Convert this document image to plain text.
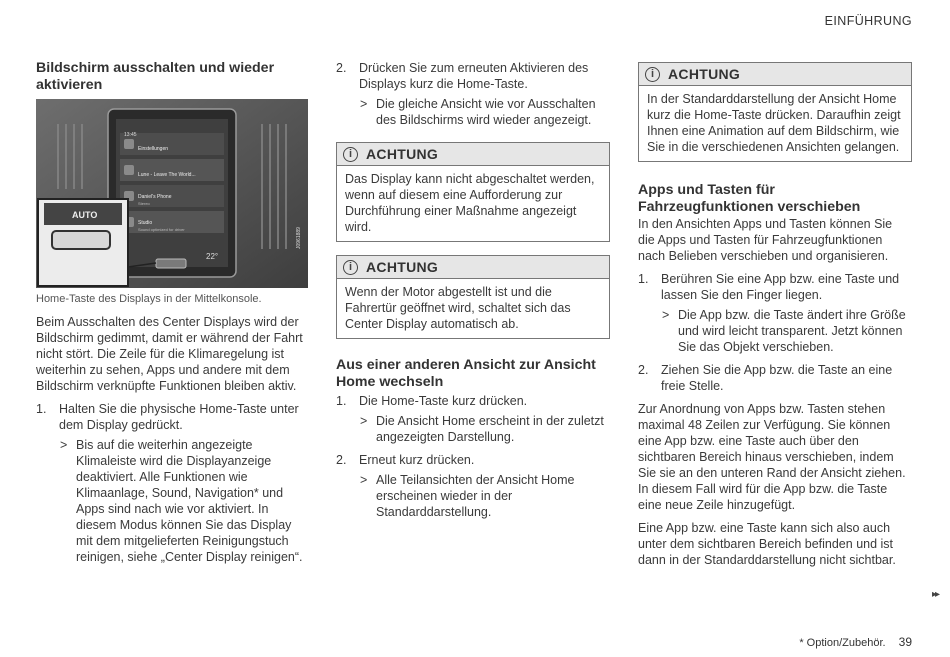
EINFÜHRUNG
Bildschirm ausschalten und wieder aktivieren
13:45
Einstellungen
Lune - Leave The World...
Daniel's Phone
Stereo
Studio
Sound optimized for driver
22°
AUTO
J0961889

Home-Taste des Displays in der Mittelkonsole.

Beim Ausschalten des Center Displays wird der Bildschirm gedimmt, damit er während der Fahrt nicht stört. Die Zeile für die Klimaregelung ist weiterhin zu sehen, Apps und andere mit dem Bildschirm verknüpfte Funktionen bleiben aktiv.

1. Halten Sie die physische Home-Taste unter dem Display gedrückt.
> Bis auf die weiterhin angezeigte Klimaleiste wird die Displayanzeige deaktiviert. Alle Funktionen wie Klimaanlage, Sound, Navigation* und Apps sind nach wie vor aktiviert. In diesem Modus können Sie das Display mit dem mitgelieferten Reinigungstuch reinigen, siehe „Center Display reinigen“.
2. Drücken Sie zum erneuten Aktivieren des Displays kurz die Home-Taste.
> Die gleiche Ansicht wie vor Ausschalten des Bildschirms wird wieder angezeigt.
i ACHTUNG
Das Display kann nicht abgeschaltet werden, wenn auf diesem eine Aufforderung zur Durchführung einer Maßnahme angezeigt wird.
i ACHTUNG
Wenn der Motor abgestellt ist und die Fahrertür geöffnet wird, schaltet sich das Center Display automatisch ab.
Aus einer anderen Ansicht zur Ansicht Home wechseln
1. Die Home-Taste kurz drücken.
> Die Ansicht Home erscheint in der zuletzt angezeigten Darstellung.
2. Erneut kurz drücken.
> Alle Teilansichten der Ansicht Home erscheinen wieder in der Standarddarstellung.
i ACHTUNG
In der Standarddarstellung der Ansicht Home kurz die Home-Taste drücken. Daraufhin zeigt Ihnen eine Animation auf dem Bildschirm, wie Sie in die verschiedenen Ansichten gelangen.
Apps und Tasten für Fahrzeugfunktionen verschieben

In den Ansichten Apps und Tasten können Sie die Apps und Tasten für Fahrzeugfunktionen nach Belieben verschieben und organisieren.

1. Berühren Sie eine App bzw. eine Taste und lassen Sie den Finger liegen.
> Die App bzw. die Taste ändert ihre Größe und wird leicht transparent. Jetzt können Sie das Objekt verschieben.
2. Ziehen Sie die App bzw. die Taste an eine freie Stelle.

Zur Anordnung von Apps bzw. Tasten stehen maximal 48 Zeilen zur Verfügung. Sie können eine App bzw. eine Taste auch über den sichtbaren Bereich hinaus verschieben, indem Sie sie an den unteren Rand der Ansicht ziehen. In diesem Fall wird für die App bzw. die Taste eine neue Zeile hinzugefügt.

Eine App bzw. eine Taste kann sich also auch unter dem sichtbaren Bereich befinden und ist dann in der Standarddarstellung nicht sichtbar.

▸▸
* Option/Zubehör. 39
